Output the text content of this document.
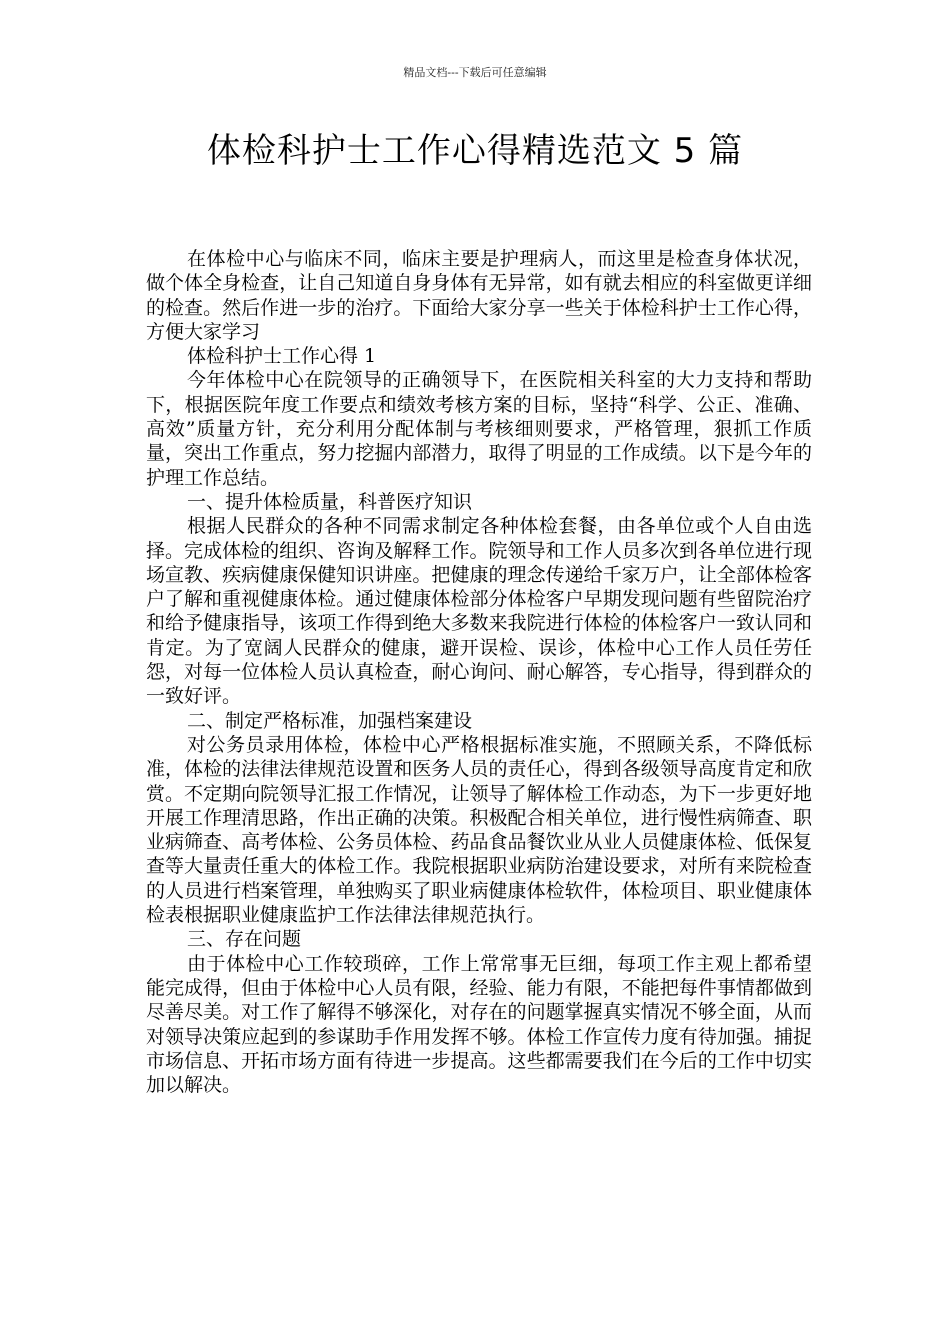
精品文档---下载后可任意编辑
体检科护士工作心得精选范文 5 篇

在体检中心与临床不同，临床主要是护理病人，而这里是检查身体状况，做个体全身检查，让自己知道自身身体有无异常，如有就去相应的科室做更详细的检查。然后作进一步的治疗。下面给大家分享一些关于体检科护士工作心得，方便大家学习

体检科护士工作心得 1

今年体检中心在院领导的正确领导下，在医院相关科室的大力支持和帮助下，根据医院年度工作要点和绩效考核方案的目标，坚持“科学、公正、准确、高效”质量方针，充分利用分配体制与考核细则要求，严格管理，狠抓工作质量，突出工作重点，努力挖掘内部潜力，取得了明显的工作成绩。以下是今年的护理工作总结。

一、提升体检质量，科普医疗知识

根据人民群众的各种不同需求制定各种体检套餐，由各单位或个人自由选择。完成体检的组织、咨询及解释工作。院领导和工作人员多次到各单位进行现场宣教、疾病健康保健知识讲座。把健康的理念传递给千家万户，让全部体检客户了解和重视健康体检。通过健康体检部分体检客户早期发现问题有些留院治疗和给予健康指导，该项工作得到绝大多数来我院进行体检的体检客户一致认同和肯定。为了宽阔人民群众的健康，避开误检、误诊，体检中心工作人员任劳任怨，对每一位体检人员认真检查，耐心询问、耐心解答，专心指导，得到群众的一致好评。

二、制定严格标准，加强档案建设

对公务员录用体检，体检中心严格根据标准实施，不照顾关系，不降低标准，体检的法律法律规范设置和医务人员的责任心，得到各级领导高度肯定和欣赏。不定期向院领导汇报工作情况，让领导了解体检工作动态，为下一步更好地开展工作理清思路，作出正确的决策。积极配合相关单位，进行慢性病筛查、职业病筛查、高考体检、公务员体检、药品食品餐饮业从业人员健康体检、低保复查等大量责任重大的体检工作。我院根据职业病防治建设要求，对所有来院检查的人员进行档案管理，单独购买了职业病健康体检软件，体检项目、职业健康体检表根据职业健康监护工作法律法律规范执行。

三、存在问题

由于体检中心工作较琐碎，工作上常常事无巨细，每项工作主观上都希望能完成得，但由于体检中心人员有限，经验、能力有限，不能把每件事情都做到尽善尽美。对工作了解得不够深化，对存在的问题掌握真实情况不够全面，从而对领导决策应起到的参谋助手作用发挥不够。体检工作宣传力度有待加强。捕捉市场信息、开拓市场方面有待进一步提高。这些都需要我们在今后的工作中切实加以解决。
